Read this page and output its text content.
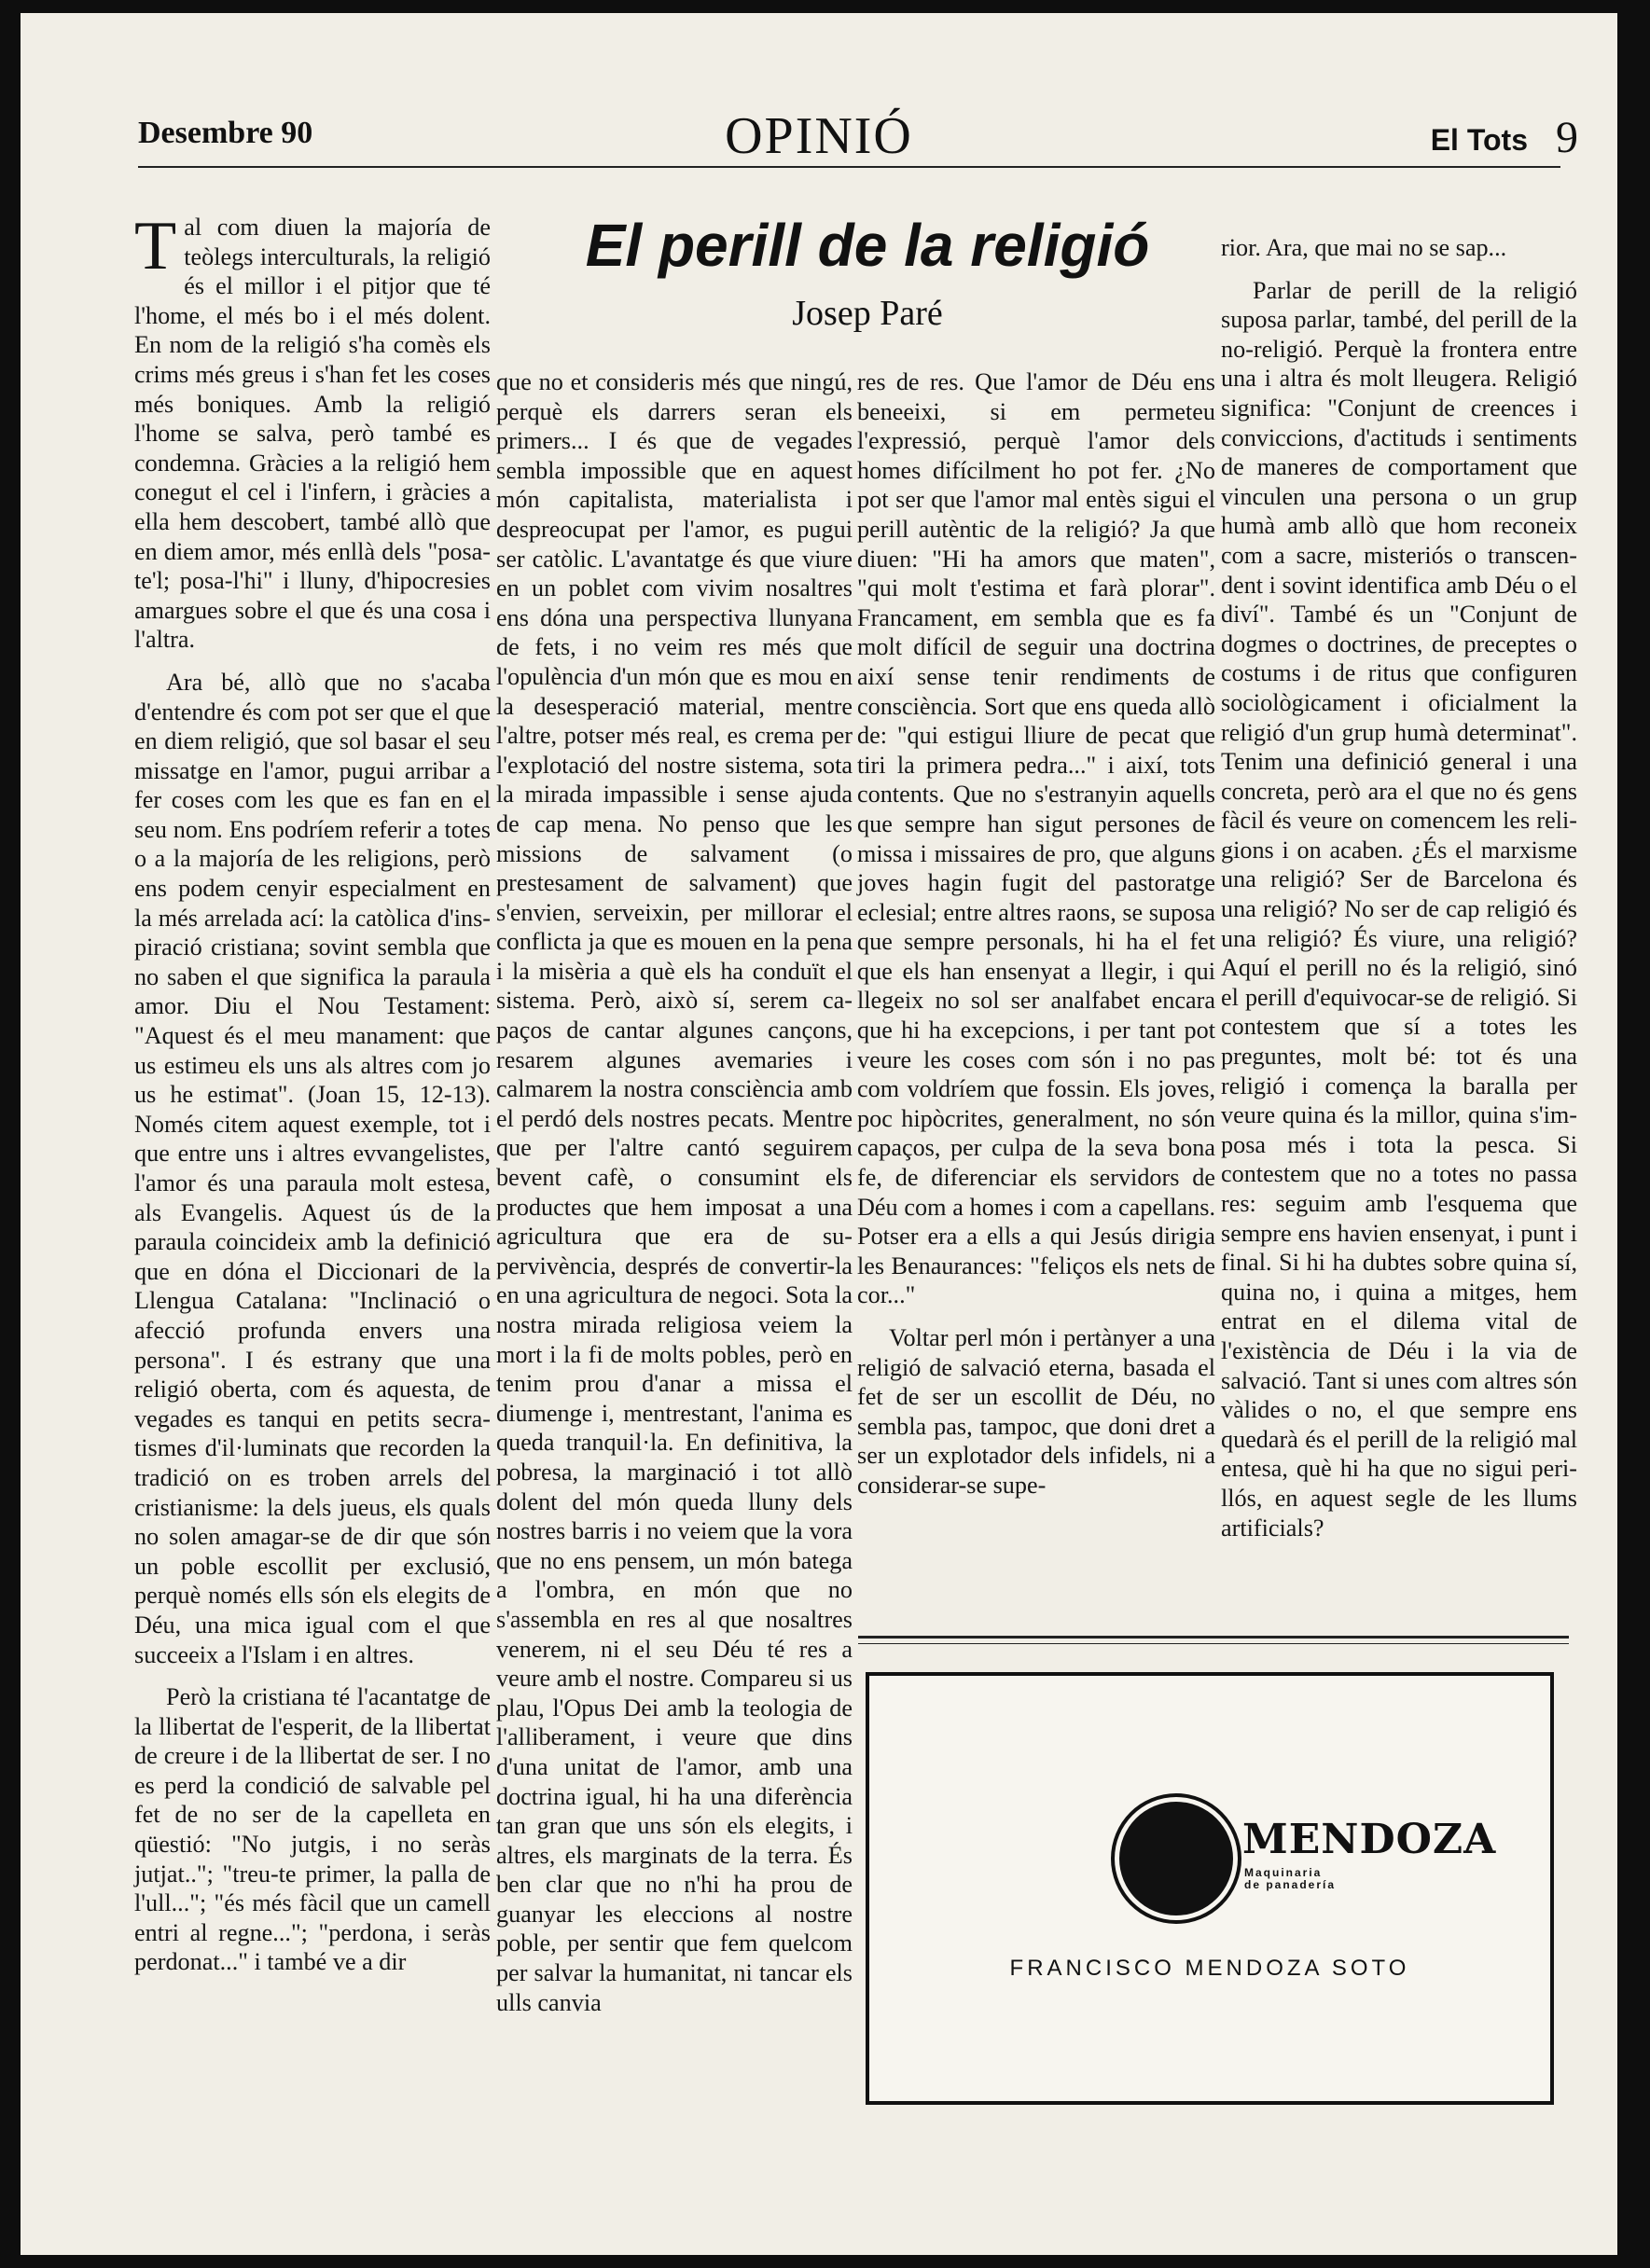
Desembre 90	OPINIÓ	El Tots 9
El perill de la religió
Josep Paré

Tal com diuen la majoría de teòlegs interculturals, la religió és el millor i el pitjor que té l'home, el més bo i el més dolent. En nom de la religió s'ha comès els crims més greus i s'han fet les coses més boniques. Amb la religió l'home se salva, però també es condemna. Gràcies a la religió hem conegut el cel i l'infern, i gràcies a ella hem descobert, també allò que en diem amor, més enllà dels "posa-te'l; posa-l'hi" i lluny, d'hipocresies amargues sobre el que és una cosa i l'altra.

Ara bé, allò que no s'acaba d'entendre és com pot ser que el que en diem religió, que sol basar el seu missatge en l'amor, pugui arribar a fer coses com les que es fan en el seu nom. Ens podríem referir a totes o a la majoría de les religions, però ens podem cenyir especialment en la més arrelada ací: la catòlica d'inspiració cristiana; sovint sembla que no saben el que significa la paraula amor. Diu el Nou Testament: "Aquest és el meu manament: que us estimeu els uns als altres com jo us he estimat". (Joan 15, 12-13). Només citem aquest exemple, tot i que entre uns i altres evvangelistes, l'amor és una paraula molt estesa, als Evangelis. Aquest ús de la paraula coincideix amb la definició que en dóna el Diccionari de la Llengua Catalana: "Inclinació o afecció profunda envers una persona". I és estrany que una religió oberta, com és aquesta, de vegades es tanqui en petits secratismes d'il·luminats que recorden la tradició on es troben arrels del cristianisme: la dels jueus, els quals no solen amagar-se de dir que són un poble escollit per exclusió, perquè només ells són els elegits de Déu, una mica igual com el que succeeix a l'Islam i en altres.

Però la cristiana té l'acantatge de la llibertat de l'esperit, de la llibertat de creure i de la llibertat de ser. I no es perd la condició de salvable pel fet de no ser de la capelleta en qüestió: "No jutgis, i no seràs jutjat.."; "treu-te primer, la palla de l'ull..."; "és més fàcil que un camell entri al regne..."; "perdona, i seràs perdonat..." i també ve a dir

que no et consideris més que ningú, perquè els darrers seran els primers... I és que de vegades sembla impossible que en aquest món capitalista, materialista i despreocupat per l'amor, es pugui ser catòlic. L'avantatge és que viure en un poblet com vivim nosaltres ens dóna una perspectiva llunyana de fets, i no veim res més que l'opulència d'un món que es mou en la desesperació material, mentre l'altre, potser més real, es crema per l'explotació del nostre sistema, sota la mirada impassible i sense ajuda de cap mena. No penso que les missions de salvament (o prestesament de salvament) que s'envien, serveixin, per millorar el conflicta ja que es mouen en la pena i la misèria a què els ha conduït el sistema. Però, això sí, serem capaços de cantar algunes cançons, resarem algunes avemaries i calmarem la nostra consciència amb el perdó dels nostres pecats. Mentre que per l'altre cantó seguirem bevent cafè, o consumint els productes que hem imposat a una agricultura que era de supervivència, després de convertir-la en una agricultura de negoci. Sota la nostra mirada religiosa veiem la mort i la fi de molts pobles, però en tenim prou d'anar a missa el diumenge i, mentrestant, l'anima es queda tranquil·la. En definitiva, la pobresa, la marginació i tot allò dolent del món queda lluny dels nostres barris i no veiem que la vora que no ens pensem, un món batega a l'ombra, en món que no s'assembla en res al que nosaltres venerem, ni el seu Déu té res a veure amb el nostre. Compareu si us plau, l'Opus Dei amb la teologia de l'alliberament, i veure que dins d'una unitat de l'amor, amb una doctrina igual, hi ha una diferència tan gran que uns són els elegits, i altres, els marginats de la terra. És ben clar que no n'hi ha prou de guanyar les eleccions al nostre poble, per sentir que fem quelcom per salvar la humanitat, ni tancar els ulls canvia

res de res. Que l'amor de Déu ens beneeixi, si em permeteu l'expressió, perquè l'amor dels homes difícilment ho pot fer. ¿No pot ser que l'amor mal entès sigui el perill autèntic de la religió? Ja que diuen: "Hi ha amors que maten", "qui molt t'estima et farà plorar". Francament, em sembla que es fa molt difícil de seguir una doctrina així sense tenir rendiments de consciència. Sort que ens queda allò de: "qui estigui lliure de pecat que tiri la primera pedra..." i així, tots contents. Que no s'estranyin aquells que sempre han sigut persones de missa i missaires de pro, que alguns joves hagin fugit del pastoratge eclesial; entre altres raons, se suposa que sempre personals, hi ha el fet que els han ensenyat a llegir, i qui llegeix no sol ser analfabet encara que hi ha excepcions, i per tant pot veure les coses com són i no pas com voldríem que fossin. Els joves, poc hipòcrites, generalment, no són capaços, per culpa de la seva bona fe, de diferenciar els servidors de Déu com a homes i com a capellans. Potser era a ells a qui Jesús dirigia les Benaurances: "feliços els nets de cor..."

Voltar perl món i pertànyer a una religió de salvació eterna, basada el fet de ser un escollit de Déu, no sembla pas, tampoc, que doni dret a ser un explotador dels infidels, ni a considerar-se supe-

rior. Ara, que mai no se sap...

Parlar de perill de la religió suposa parlar, també, del perill de la no-religió. Perquè la frontera entre una i altra és molt lleugera. Religió significa: "Conjunt de creences i conviccions, d'actituds i sentiments de maneres de comportament que vinculen una persona o un grup humà amb allò que hom reconeix com a sacre, misteriós o transcendent i sovint identifica amb Déu o el diví". També és un "Conjunt de dogmes o doctrines, de preceptes o costums i de ritus que configuren sociològicament i oficialment la religió d'un grup humà determinat". Tenim una definició general i una concreta, però ara el que no és gens fàcil és veure on comencem les religions i on acaben. ¿És el marxisme una religió? Ser de Barcelona és una religió? No ser de cap religió és una religió? És viure, una religió? Aquí el perill no és la religió, sinó el perill d'equivocar-se de religió. Si contestem que sí a totes les preguntes, molt bé: tot és una religió i comença la baralla per veure quina és la millor, quina s'imposa més i tota la pesca. Si contestem que no a totes no passa res: seguim amb l'esquema que sempre ens havien ensenyat, i punt i final. Si hi ha dubtes sobre quina sí, quina no, i quina a mitges, hem entrat en el dilema vital de l'existència de Déu i la via de salvació. Tant si unes com altres són vàlides o no, el que sempre ens quedarà és el perill de la religió mal entesa, què hi ha que no sigui perillós, en aquest segle de les llums artificials?

MENDOZA
Maquinaria
de panadería
FRANCISCO MENDOZA SOTO
